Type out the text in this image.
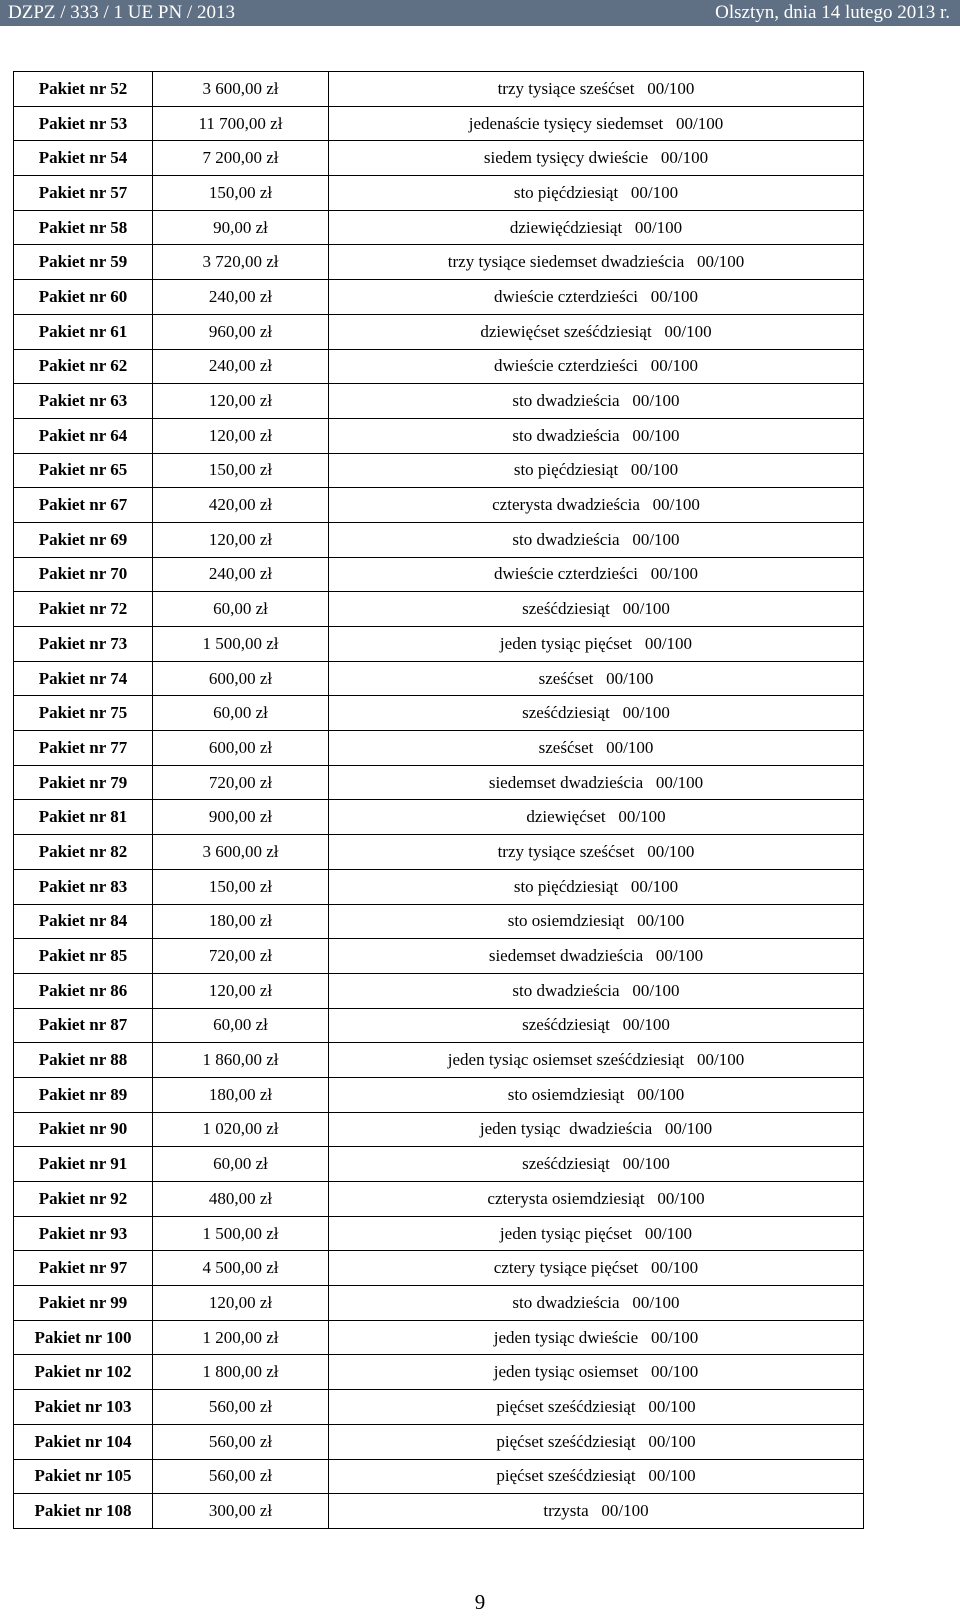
DZPZ / 333 / 1 UE PN / 2013	Olsztyn, dnia 14 lutego 2013 r.
Pakiet nr 52	3 600,00 zł	trzy tysiące sześćset   00/100
Pakiet nr 53	11 700,00 zł	jedenaście tysięcy siedemset   00/100
Pakiet nr 54	7 200,00 zł	siedem tysięcy dwieście   00/100
Pakiet nr 57	150,00 zł	sto pięćdziesiąt   00/100
Pakiet nr 58	90,00 zł	dziewięćdziesiąt   00/100
Pakiet nr 59	3 720,00 zł	trzy tysiące siedemset dwadzieścia   00/100
Pakiet nr 60	240,00 zł	dwieście czterdzieści   00/100
Pakiet nr 61	960,00 zł	dziewięćset sześćdziesiąt   00/100
Pakiet nr 62	240,00 zł	dwieście czterdzieści   00/100
Pakiet nr 63	120,00 zł	sto dwadzieścia   00/100
Pakiet nr 64	120,00 zł	sto dwadzieścia   00/100
Pakiet nr 65	150,00 zł	sto pięćdziesiąt   00/100
Pakiet nr 67	420,00 zł	czterysta dwadzieścia   00/100
Pakiet nr 69	120,00 zł	sto dwadzieścia   00/100
Pakiet nr 70	240,00 zł	dwieście czterdzieści   00/100
Pakiet nr 72	60,00 zł	sześćdziesiąt   00/100
Pakiet nr 73	1 500,00 zł	jeden tysiąc pięćset   00/100
Pakiet nr 74	600,00 zł	sześćset   00/100
Pakiet nr 75	60,00 zł	sześćdziesiąt   00/100
Pakiet nr 77	600,00 zł	sześćset   00/100
Pakiet nr 79	720,00 zł	siedemset dwadzieścia   00/100
Pakiet nr 81	900,00 zł	dziewięćset   00/100
Pakiet nr 82	3 600,00 zł	trzy tysiące sześćset   00/100
Pakiet nr 83	150,00 zł	sto pięćdziesiąt   00/100
Pakiet nr 84	180,00 zł	sto osiemdziesiąt   00/100
Pakiet nr 85	720,00 zł	siedemset dwadzieścia   00/100
Pakiet nr 86	120,00 zł	sto dwadzieścia   00/100
Pakiet nr 87	60,00 zł	sześćdziesiąt   00/100
Pakiet nr 88	1 860,00 zł	jeden tysiąc osiemset sześćdziesiąt   00/100
Pakiet nr 89	180,00 zł	sto osiemdziesiąt   00/100
Pakiet nr 90	1 020,00 zł	jeden tysiąc  dwadzieścia   00/100
Pakiet nr 91	60,00 zł	sześćdziesiąt   00/100
Pakiet nr 92	480,00 zł	czterysta osiemdziesiąt   00/100
Pakiet nr 93	1 500,00 zł	jeden tysiąc pięćset   00/100
Pakiet nr 97	4 500,00 zł	cztery tysiące pięćset   00/100
Pakiet nr 99	120,00 zł	sto dwadzieścia   00/100
Pakiet nr 100	1 200,00 zł	jeden tysiąc dwieście   00/100
Pakiet nr 102	1 800,00 zł	jeden tysiąc osiemset   00/100
Pakiet nr 103	560,00 zł	pięćset sześćdziesiąt   00/100
Pakiet nr 104	560,00 zł	pięćset sześćdziesiąt   00/100
Pakiet nr 105	560,00 zł	pięćset sześćdziesiąt   00/100
Pakiet nr 108	300,00 zł	trzysta   00/100
9
